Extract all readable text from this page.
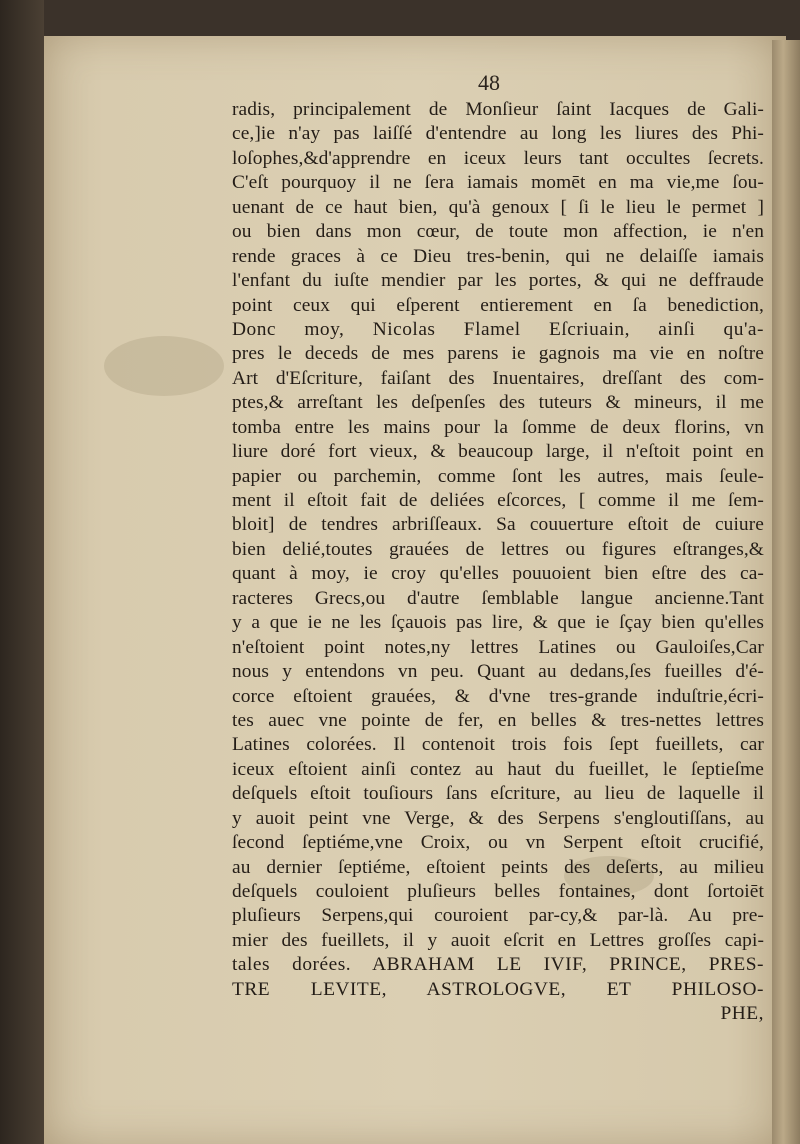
48
radis, principalement de Monſieur ſaint Iacques de Gali-
ce,]ie n'ay pas laiſſé d'entendre au long les liures des Phi-
loſophes,&d'apprendre en iceux leurs tant occultes ſecrets.
C'eſt pourquoy il ne ſera iamais momēt en ma vie,me ſou-
uenant de ce haut bien, qu'à genoux [ ſi le lieu le permet ]
ou bien dans mon cœur, de toute mon affection, ie n'en
rende graces à ce Dieu tres-benin, qui ne delaiſſe iamais
l'enfant du iuſte mendier par les portes, & qui ne deffraude
point ceux qui eſperent entierement en ſa benediction,
Donc moy, Nicolas Flamel Eſcriuain, ainſi qu'a-
pres le deceds de mes parens ie gagnois ma vie en noſtre
Art d'Eſcriture, faiſant des Inuentaires, dreſſant des com-
ptes,& arreſtant les deſpenſes des tuteurs & mineurs, il me
tomba entre les mains pour la ſomme de deux florins, vn
liure doré fort vieux, & beaucoup large, il n'eſtoit point en
papier ou parchemin, comme ſont les autres, mais ſeule-
ment il eſtoit fait de deliées eſcorces, [ comme il me ſem-
bloit] de tendres arbriſſeaux. Sa couuerture eſtoit de cuiure
bien delié,toutes grauées de lettres ou figures eſtranges,&
quant à moy, ie croy qu'elles pouuoient bien eſtre des ca-
racteres Grecs,ou d'autre ſemblable langue ancienne.Tant
y a que ie ne les ſçauois pas lire, & que ie ſçay bien qu'elles
n'eſtoient point notes,ny lettres Latines ou Gauloiſes,Car
nous y entendons vn peu. Quant au dedans,ſes fueilles d'é-
corce eſtoient grauées, & d'vne tres-grande induſtrie,écri-
tes auec vne pointe de fer, en belles & tres-nettes lettres
Latines colorées. Il contenoit trois fois ſept fueillets, car
iceux eſtoient ainſi contez au haut du fueillet, le ſeptieſme
deſquels eſtoit touſiours ſans eſcriture, au lieu de laquelle il
y auoit peint vne Verge, & des Serpens s'engloutiſſans, au
ſecond ſeptiéme,vne Croix, ou vn Serpent eſtoit crucifié,
au dernier ſeptiéme, eſtoient peints des deſerts, au milieu
deſquels couloient pluſieurs belles fontaines, dont ſortoiēt
pluſieurs Serpens,qui couroient par-cy,& par-là. Au pre-
mier des fueillets, il y auoit eſcrit en Lettres groſſes capi-
tales dorées. ABRAHAM LE IVIF, PRINCE, PRES-
TRE LEVITE, ASTROLOGVE, ET PHILOSO-
PHE,
